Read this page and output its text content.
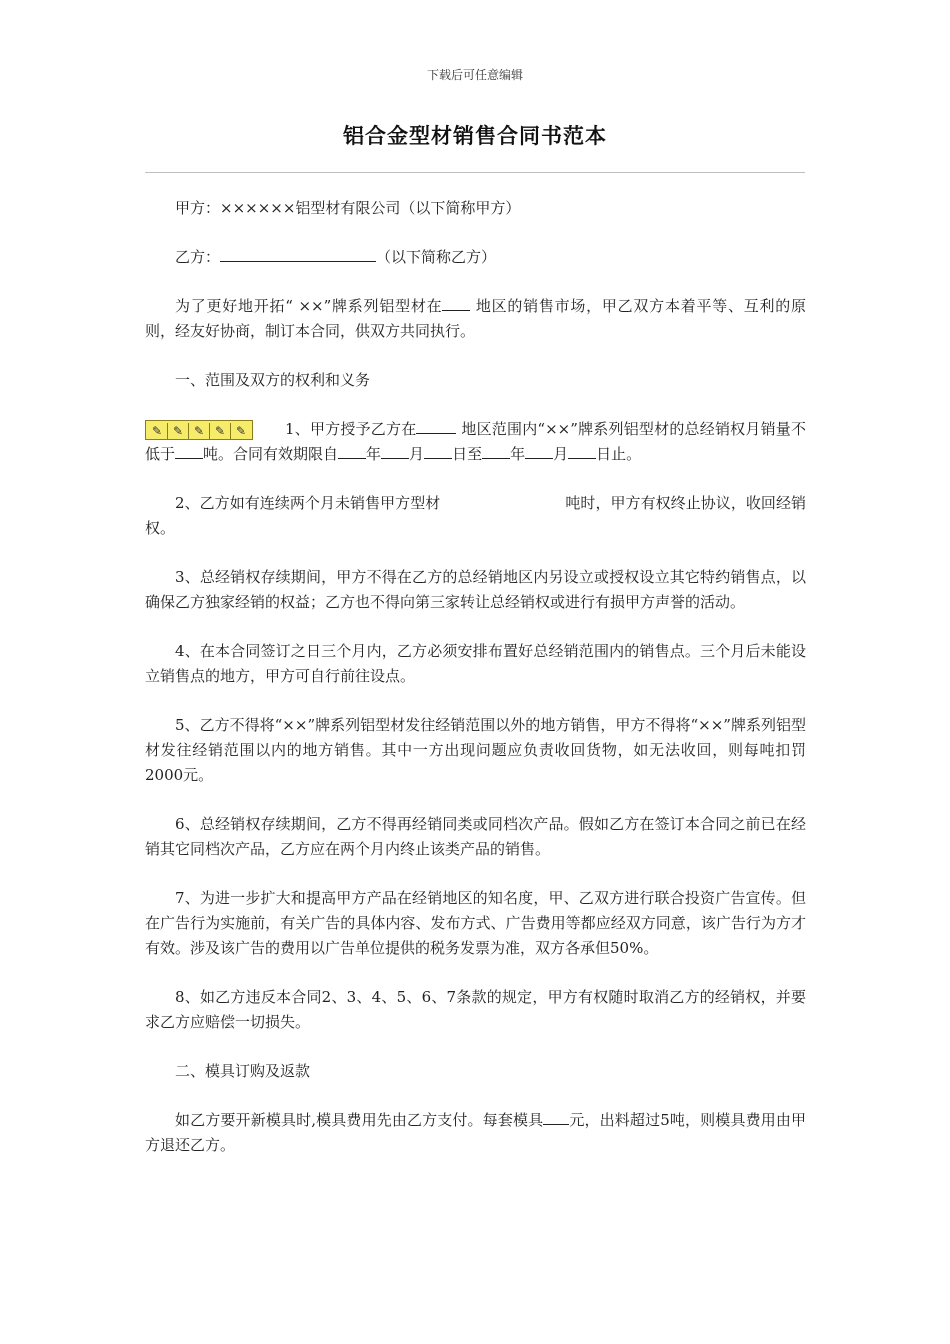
下载后可任意编辑
铝合金型材销售合同书范本

甲方：××××××铝型材有限公司（以下简称甲方）

乙方：	（以下简称乙方）

为了更好地开拓“ ××”牌系列铝型材在 地区的销售市场，甲乙双方本着平等、互利的原则，经友好协商，制订本合同，供双方共同执行。

一、范围及双方的权利和义务

✎ ✎ ✎ ✎ ✎	1、甲方授予乙方在	地区范围内“××”牌系列铝型材的总经销权月销量不低于 吨。合同有效期限自 年 月 日至 年 月 日止。

2、乙方如有连续两个月未销售甲方型材	吨时，甲方有权终止协议，收回经销权。

3、总经销权存续期间，甲方不得在乙方的总经销地区内另设立或授权设立其它特约销售点，以确保乙方独家经销的权益；乙方也不得向第三家转让总经销权或进行有损甲方声誉的活动。

4、在本合同签订之日三个月内，乙方必须安排布置好总经销范围内的销售点。三个月后未能设立销售点的地方，甲方可自行前往设点。

5、乙方不得将“××”牌系列铝型材发往经销范围以外的地方销售，甲方不得将“××”牌系列铝型材发往经销范围以内的地方销售。其中一方出现问题应负责收回货物，如无法收回，则每吨扣罚2000元。

6、总经销权存续期间，乙方不得再经销同类或同档次产品。假如乙方在签订本合同之前已在经销其它同档次产品，乙方应在两个月内终止该类产品的销售。

7、为进一步扩大和提高甲方产品在经销地区的知名度，甲、乙双方进行联合投资广告宣传。但在广告行为实施前，有关广告的具体内容、发布方式、广告费用等都应经双方同意，该广告行为方才有效。涉及该广告的费用以广告单位提供的税务发票为准，双方各承但50%。

8、如乙方违反本合同2、3、4、5、6、7条款的规定，甲方有权随时取消乙方的经销权，并要求乙方应赔偿一切损失。

二、模具订购及返款

如乙方要开新模具时,模具费用先由乙方支付。每套模具 元，出料超过5吨，则模具费用由甲方退还乙方。
